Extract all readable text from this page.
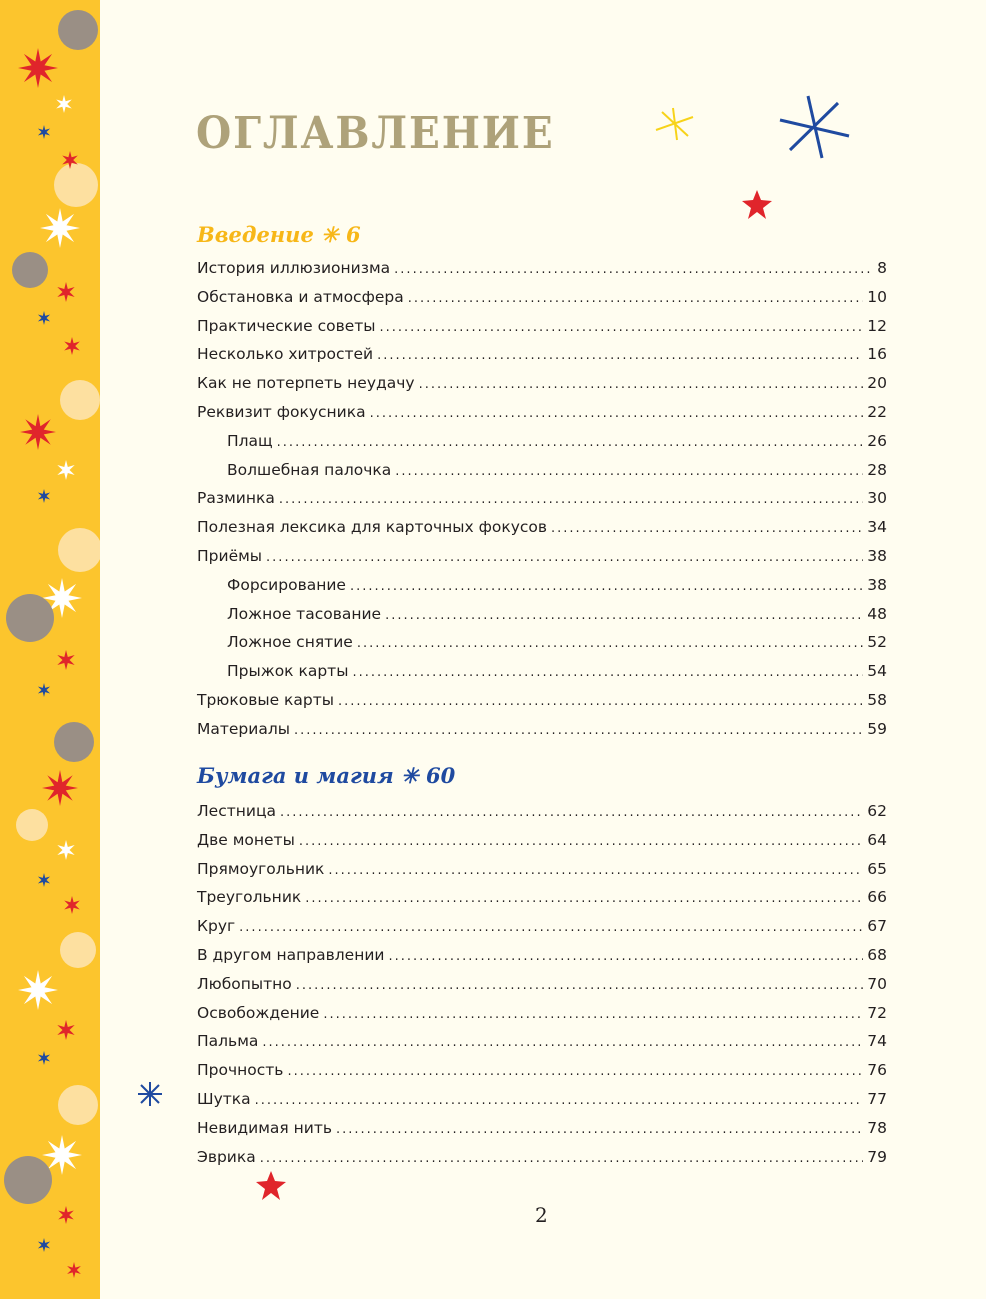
ОГЛАВЛЕНИЕ
Введение ✳ 6
История иллюзионизма .....	8
Обстановка и атмосфера .....	10
Практические советы .....	12
Несколько хитростей .....	16
Как не потерпеть неудачу .....	20
Реквизит фокусника .....	22
Плащ .....	26
Волшебная палочка .....	28
Разминка .....	30
Полезная лексика для карточных фокусов .....	34
Приёмы .....	38
Форсирование .....	38
Ложное тасование .....	48
Ложное снятие .....	52
Прыжок карты .....	54
Трюковые карты .....	58
Материалы .....	59
Бумага и магия ✳ 60
Лестница .....	62
Две монеты .....	64
Прямоугольник .....	65
Треугольник .....	66
Круг .....	67
В другом направлении .....	68
Любопытно .....	70
Освобождение .....	72
Пальма .....	74
Прочность .....	76
Шутка .....	77
Невидимая нить .....	78
Эврика .....	79
2
